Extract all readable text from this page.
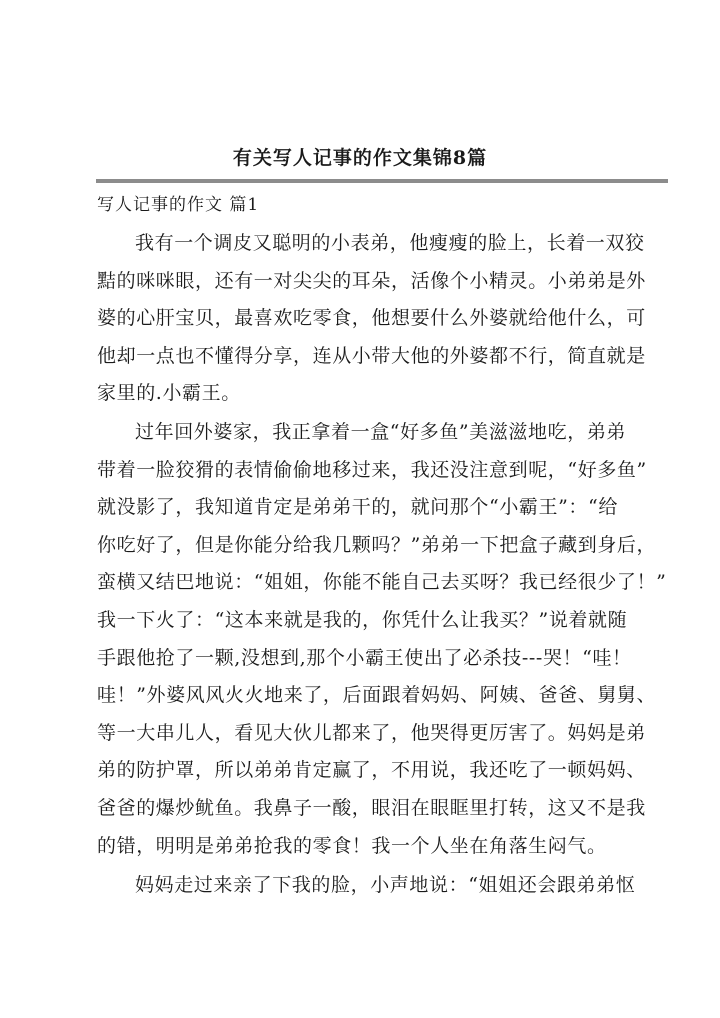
有关写人记事的作文集锦8篇
写人记事的作文 篇1

我有一个调皮又聪明的小表弟，他瘦瘦的脸上，长着一双狡
黠的咪咪眼，还有一对尖尖的耳朵，活像个小精灵。小弟弟是外
婆的心肝宝贝，最喜欢吃零食，他想要什么外婆就给他什么，可
他却一点也不懂得分享，连从小带大他的外婆都不行，简直就是
家里的.小霸王。

过年回外婆家，我正拿着一盒“好多鱼”美滋滋地吃，弟弟
带着一脸狡猾的表情偷偷地移过来，我还没注意到呢，“好多鱼”
就没影了，我知道肯定是弟弟干的，就问那个“小霸王”：“给
你吃好了，但是你能分给我几颗吗？”弟弟一下把盒子藏到身后，
蛮横又结巴地说：“姐姐，你能不能自己去买呀？我已经很少了！”
我一下火了：“这本来就是我的，你凭什么让我买？”说着就随
手跟他抢了一颗,没想到,那个小霸王使出了必杀技---哭！“哇！
哇！”外婆风风火火地来了，后面跟着妈妈、阿姨、爸爸、舅舅、
等一大串儿人，看见大伙儿都来了，他哭得更厉害了。妈妈是弟
弟的防护罩，所以弟弟肯定赢了，不用说，我还吃了一顿妈妈、
爸爸的爆炒鱿鱼。我鼻子一酸，眼泪在眼眶里打转，这又不是我
的错，明明是弟弟抢我的零食！我一个人坐在角落生闷气。

妈妈走过来亲了下我的脸，小声地说：“姐姐还会跟弟弟怄
